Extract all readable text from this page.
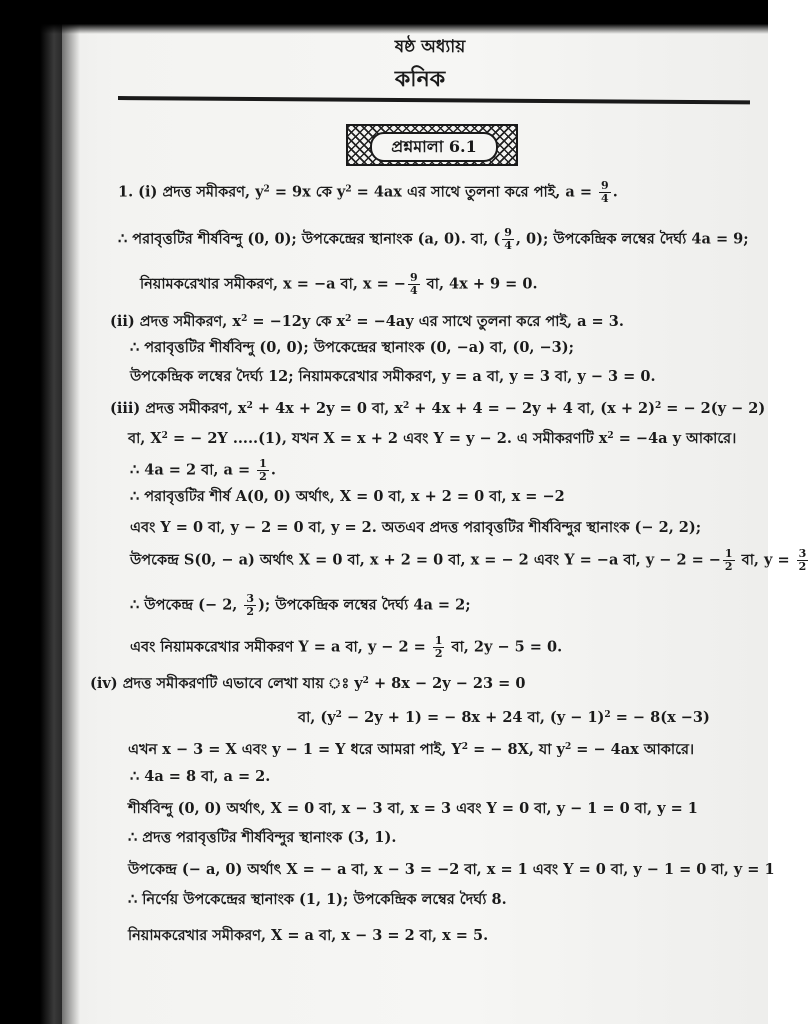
ষষ্ঠ অধ্যায়
কনিক
প্রশ্নমালা 6.1
1. (i) প্রদত্ত সমীকরণ, $y^2 = 9x$ কে $y^2 = 4ax$ এর সাথে তুলনা করে পাই, $a = \frac{9}{4}$ .
∴ পরাবৃত্তটির শীর্ষবিন্দু (0, 0); উপকেন্দ্রের স্থানাংক (a, 0). বা, ( $\frac{9}{4}$ , 0); উপকেন্দ্রিক লম্বের দৈর্ঘ্য 4a = 9;
নিয়ামকরেখার সমীকরণ, x = −a বা, x = − $\frac{9}{4}$ বা, 4x + 9 = 0.
(ii) প্রদত্ত সমীকরণ, $x^2 = -12y$ কে $x^2 = -4ay$ এর সাথে তুলনা করে পাই, a = 3.
∴ পরাবৃত্তটির শীর্ষবিন্দু (0, 0); উপকেন্দ্রের স্থানাংক (0, −a) বা, (0, −3);
উপকেন্দ্রিক লম্বের দৈর্ঘ্য 12; নিয়ামকরেখার সমীকরণ, y = a বা, y = 3 বা, y − 3 = 0.
(iii) প্রদত্ত সমীকরণ, $x^2 + 4x + 2y = 0$ বা, $x^2 + 4x + 4$ = − 2y + 4 বা, $(x + 2)^2$ = − 2(y − 2)
বা, $X^2$ = − 2Y .....(1), যখন X = x + 2 এবং Y = y − 2. এ সমীকরণটি $x^2 = -4a$ y আকারে।
∴ 4a = 2 বা, $a = \frac{1}{2}$ .
∴ পরাবৃত্তটির শীর্ষ A(0, 0) অর্থাৎ, X = 0 বা, x + 2 = 0 বা, x = −2
এবং Y = 0 বা, y − 2 = 0 বা, y = 2. অতএব প্রদত্ত পরাবৃত্তটির শীর্ষবিন্দুর স্থানাংক (− 2, 2);
উপকেন্দ্র S(0, − a) অর্থাৎ X = 0 বা, x + 2 = 0 বা, x = − 2 এবং Y = −a বা, y − 2 = − $\frac{1}{2}$ বা, $y = \frac{3}{2}$
∴ উপকেন্দ্র (− 2, $\frac{3}{2}$ ); উপকেন্দ্রিক লম্বের দৈর্ঘ্য 4a = 2;
এবং নিয়ামকরেখার সমীকরণ Y = a বা, $y - 2 = \frac{1}{2}$ বা, 2y − 5 = 0.
(iv) প্রদত্ত সমীকরণটি এভাবে লেখা যায় ঃ $y^2 + 8x - 2y - 23 = 0$
বা, $(y^2 - 2y + 1)$ = − 8x + 24 বা, $(y - 1)^2$ = − 8(x −3)
এখন x − 3 = X এবং y − 1 = Y ধরে আমরা পাই, $Y^2$ = − 8X, যা $y^2$ = − 4ax আকারে।
∴ 4a = 8 বা, a = 2.
শীর্ষবিন্দু (0, 0) অর্থাৎ, X = 0 বা, x − 3 বা, x = 3 এবং Y = 0 বা, y − 1 = 0 বা, y = 1
∴ প্রদত্ত পরাবৃত্তটির শীর্ষবিন্দুর স্থানাংক (3, 1).
উপকেন্দ্র (− a, 0) অর্থাৎ X = − a বা, x − 3 = −2 বা, x = 1 এবং Y = 0 বা, y − 1 = 0 বা, y = 1
∴ নির্ণেয় উপকেন্দ্রের স্থানাংক (1, 1); উপকেন্দ্রিক লম্বের দৈর্ঘ্য 8.
নিয়ামকরেখার সমীকরণ, X = a বা, x − 3 = 2 বা, x = 5.
